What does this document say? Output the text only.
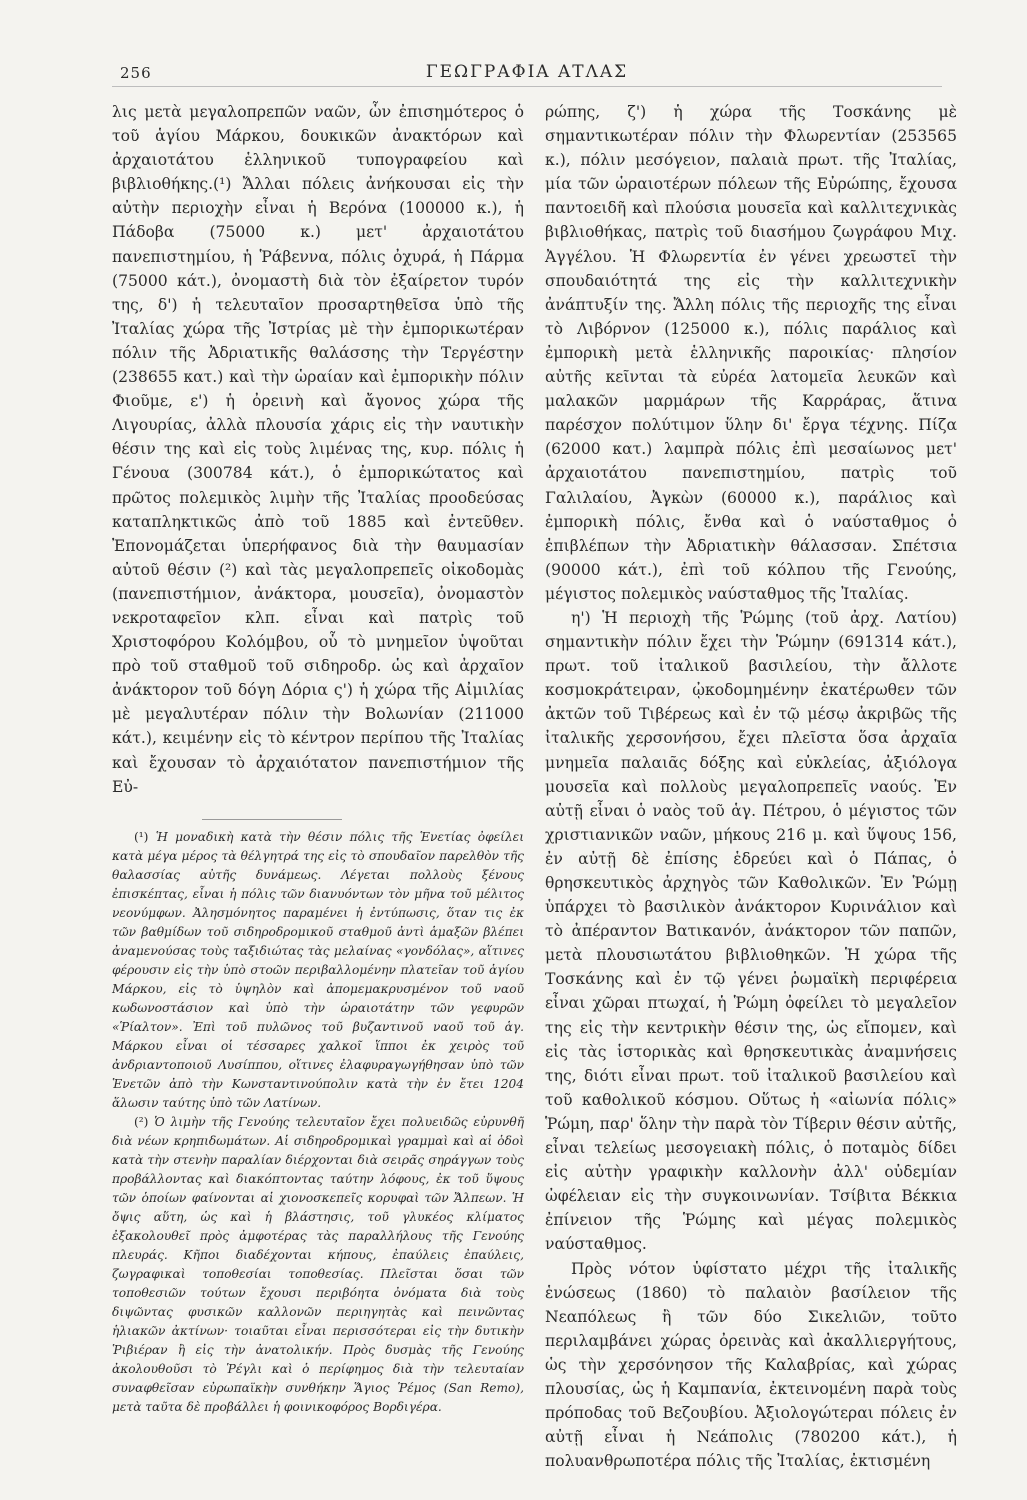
256	ΓΕΩΓΡΑΦΙΑ ΑΤΛΑΣ

λις μετὰ μεγαλοπρεπῶν ναῶν, ὧν ἐπισημότερος ὁ τοῦ ἁγίου Μάρκου, δουκικῶν ἀνακτόρων καὶ ἀρχαιοτάτου ἑλληνικοῦ τυπογραφείου καὶ βιβλιοθήκης.(¹) Ἄλλαι πόλεις ἀνήκουσαι εἰς τὴν αὐτὴν περιοχὴν εἶναι ἡ Βερόνα (100000 κ.), ἡ Πάδοβα (75000 κ.) μετ' ἀρχαιοτάτου πανεπιστημίου, ἡ Ῥάβεννα, πόλις ὀχυρά, ἡ Πάρμα (75000 κάτ.), ὀνομαστὴ διὰ τὸν ἐξαίρετον τυρόν της, δ') ἡ τελευταῖον προσαρτηθεῖσα ὑπὸ τῆς Ἰταλίας χώρα τῆς Ἰστρίας μὲ τὴν ἐμπορικωτέραν πόλιν τῆς Ἀδριατικῆς θαλάσσης τὴν Τεργέστην (238655 κατ.) καὶ τὴν ὡραίαν καὶ ἐμπορικὴν πόλιν Φιοῦμε, ε') ἡ ὀρεινὴ καὶ ἄγονος χώρα τῆς Λιγουρίας, ἀλλὰ πλουσία χάρις εἰς τὴν ναυτικὴν θέσιν της καὶ εἰς τοὺς λιμένας της, κυρ. πόλις ἡ Γένουα (300784 κάτ.), ὁ ἐμπορικώτατος καὶ πρῶτος πολεμικὸς λιμὴν τῆς Ἰταλίας προοδεύσας καταπληκτικῶς ἀπὸ τοῦ 1885 καὶ ἐντεῦθεν. Ἐπονομάζεται ὑπερήφανος διὰ τὴν θαυμασίαν αὐτοῦ θέσιν (²) καὶ τὰς μεγαλοπρεπεῖς οἰκοδομὰς (πανεπιστήμιον, ἀνάκτορα, μουσεῖα), ὀνομαστὸν νεκροταφεῖον κλπ. εἶναι καὶ πατρὶς τοῦ Χριστοφόρου Κολόμβου, οὗ τὸ μνημεῖον ὑψοῦται πρὸ τοῦ σταθμοῦ τοῦ σιδηροδρ. ὡς καὶ ἀρχαῖον ἀνάκτορον τοῦ δόγη Δόρια ς') ἡ χώρα τῆς Αἰμιλίας μὲ μεγαλυτέραν πόλιν τὴν Βολωνίαν (211000 κάτ.), κειμένην εἰς τὸ κέντρον περίπου τῆς Ἰταλίας καὶ ἔχουσαν τὸ ἀρχαιότατον πανεπιστήμιον τῆς Εὐ-

(¹) Ἡ μοναδικὴ κατὰ τὴν θέσιν πόλις τῆς Ἑνετίας ὀφείλει κατὰ μέγα μέρος τὰ θέλγητρά της εἰς τὸ σπουδαῖον παρελθὸν τῆς θαλασσίας αὐτῆς δυνάμεως. Λέγεται πολλοὺς ξένους ἐπισκέπτας, εἶναι ἡ πόλις τῶν διανυόντων τὸν μῆνα τοῦ μέλιτος νεονύμφων. Ἀλησμόνητος παραμένει ἡ ἐντύπωσις, ὅταν τις ἐκ τῶν βαθμίδων τοῦ σιδηροδρομικοῦ σταθμοῦ ἀντὶ ἁμαξῶν βλέπει ἀναμενούσας τοὺς ταξιδιώτας τὰς μελαίνας «γονδόλας», αἵτινες φέρουσιν εἰς τὴν ὑπὸ στοῶν περιβαλλομένην πλατεῖαν τοῦ ἁγίου Μάρκου, εἰς τὸ ὑψηλὸν καὶ ἀπομεμακρυσμένον τοῦ ναοῦ κωδωνοστάσιον καὶ ὑπὸ τὴν ὡραιοτάτην τῶν γεφυρῶν «Ῥίαλτον». Ἐπὶ τοῦ πυλῶνος τοῦ βυζαντινοῦ ναοῦ τοῦ ἁγ. Μάρκου εἶναι οἱ τέσσαρες χαλκοῖ ἵπποι ἐκ χειρὸς τοῦ ἀνδριαντοποιοῦ Λυσίππου, οἵτινες ἐλαφυραγωγήθησαν ὑπὸ τῶν Ἑνετῶν ἀπὸ τὴν Κωνσταντινούπολιν κατὰ τὴν ἐν ἔτει 1204 ἅλωσιν ταύτης ὑπὸ τῶν Λατίνων.

(²) Ὁ λιμὴν τῆς Γενούης τελευταῖον ἔχει πολυειδῶς εὐρυνθῆ διὰ νέων κρηπιδωμάτων. Αἱ σιδηροδρομικαὶ γραμμαὶ καὶ αἱ ὁδοὶ κατὰ τὴν στενὴν παραλίαν διέρχονται διὰ σειρᾶς σηράγγων τοὺς προβάλλοντας καὶ διακόπτοντας ταύτην λόφους, ἐκ τοῦ ὕψους τῶν ὁποίων φαίνονται αἱ χιονοσκεπεῖς κορυφαὶ τῶν Ἄλπεων. Ἡ ὄψις αὕτη, ὡς καὶ ἡ βλάστησις, τοῦ γλυκέος κλίματος ἐξακολουθεῖ πρὸς ἀμφοτέρας τὰς παραλλήλους τῆς Γενούης πλευράς. Κῆποι διαδέχονται κήπους, ἐπαύλεις ἐπαύλεις, ζωγραφικαὶ τοποθεσίαι τοποθεσίας. Πλεῖσται ὅσαι τῶν τοποθεσιῶν τούτων ἔχουσι περιβόητα ὀνόματα διὰ τοὺς διψῶντας φυσικῶν καλλονῶν περιηγητὰς καὶ πεινῶντας ἡλιακῶν ἀκτίνων· τοιαῦται εἶναι περισσότεραι εἰς τὴν δυτικὴν Ῥιβιέραν ἢ εἰς τὴν ἀνατολικήν. Πρὸς δυσμὰς τῆς Γενούης ἀκολουθοῦσι τὸ Ῥέγλι καὶ ὁ περίφημος διὰ τὴν τελευταίαν συναφθεῖσαν εὐρωπαϊκὴν συνθήκην Ἅγιος Ῥέμος (San Remo), μετὰ ταῦτα δὲ προβάλλει ἡ φοινικοφόρος Βορδιγέρα.

ρώπης, ζ') ἡ χώρα τῆς Τοσκάνης μὲ σημαντικωτέραν πόλιν τὴν Φλωρεντίαν (253565 κ.), πόλιν μεσόγειον, παλαιὰ πρωτ. τῆς Ἰταλίας, μία τῶν ὡραιοτέρων πόλεων τῆς Εὐρώπης, ἔχουσα παντοειδῆ καὶ πλούσια μουσεῖα καὶ καλλιτεχνικὰς βιβλιοθήκας, πατρὶς τοῦ διασήμου ζωγράφου Μιχ. Ἀγγέλου. Ἡ Φλωρεντία ἐν γένει χρεωστεῖ τὴν σπουδαιότητά της εἰς τὴν καλλιτεχνικὴν ἀνάπτυξίν της. Ἄλλη πόλις τῆς περιοχῆς της εἶναι τὸ Λιβόρνον (125000 κ.), πόλις παράλιος καὶ ἐμπορικὴ μετὰ ἑλληνικῆς παροικίας· πλησίον αὐτῆς κεῖνται τὰ εὐρέα λατομεῖα λευκῶν καὶ μαλακῶν μαρμάρων τῆς Καρράρας, ἅτινα παρέσχον πολύτιμον ὕλην δι' ἔργα τέχνης. Πίζα (62000 κατ.) λαμπρὰ πόλις ἐπὶ μεσαίωνος μετ' ἀρχαιοτάτου πανεπιστημίου, πατρὶς τοῦ Γαλιλαίου, Ἀγκὼν (60000 κ.), παράλιος καὶ ἐμπορικὴ πόλις, ἔνθα καὶ ὁ ναύσταθμος ὁ ἐπιβλέπων τὴν Ἀδριατικὴν θάλασσαν. Σπέτσια (90000 κάτ.), ἐπὶ τοῦ κόλπου τῆς Γενούης, μέγιστος πολεμικὸς ναύσταθμος τῆς Ἰταλίας.

η') Ἡ περιοχὴ τῆς Ῥώμης (τοῦ ἀρχ. Λατίου) σημαντικὴν πόλιν ἔχει τὴν Ῥώμην (691314 κάτ.), πρωτ. τοῦ ἰταλικοῦ βασιλείου, τὴν ἄλλοτε κοσμοκράτειραν, ᾠκοδομημένην ἑκατέρωθεν τῶν ἀκτῶν τοῦ Τιβέρεως καὶ ἐν τῷ μέσῳ ἀκριβῶς τῆς ἰταλικῆς χερσονήσου, ἔχει πλεῖστα ὅσα ἀρχαῖα μνημεῖα παλαιᾶς δόξης καὶ εὐκλείας, ἀξιόλογα μουσεῖα καὶ πολλοὺς μεγαλοπρεπεῖς ναούς. Ἐν αὐτῇ εἶναι ὁ ναὸς τοῦ ἁγ. Πέτρου, ὁ μέγιστος τῶν χριστιανικῶν ναῶν, μήκους 216 μ. καὶ ὕψους 156, ἐν αὐτῇ δὲ ἐπίσης ἑδρεύει καὶ ὁ Πάπας, ὁ θρησκευτικὸς ἀρχηγὸς τῶν Καθολικῶν. Ἐν Ῥώμῃ ὑπάρχει τὸ βασιλικὸν ἀνάκτορον Κυρινάλιον καὶ τὸ ἀπέραντον Βατικανόν, ἀνάκτορον τῶν παπῶν, μετὰ πλουσιωτάτου βιβλιοθηκῶν. Ἡ χώρα τῆς Τοσκάνης καὶ ἐν τῷ γένει ῥωμαϊκὴ περιφέρεια εἶναι χῶραι πτωχαί, ἡ Ῥώμη ὀφείλει τὸ μεγαλεῖον της εἰς τὴν κεντρικὴν θέσιν της, ὡς εἴπομεν, καὶ εἰς τὰς ἱστορικὰς καὶ θρησκευτικὰς ἀναμνήσεις της, διότι εἶναι πρωτ. τοῦ ἰταλικοῦ βασιλείου καὶ τοῦ καθολικοῦ κόσμου. Οὕτως ἡ «αἰωνία πόλις» Ῥώμη, παρ' ὅλην τὴν παρὰ τὸν Τίβεριν θέσιν αὐτῆς, εἶναι τελείως μεσογειακὴ πόλις, ὁ ποταμὸς δίδει εἰς αὐτὴν γραφικὴν καλλονὴν ἀλλ' οὐδεμίαν ὠφέλειαν εἰς τὴν συγκοινωνίαν. Τσίβιτα Βέκκια ἐπίνειον τῆς Ῥώμης καὶ μέγας πολεμικὸς ναύσταθμος.

Πρὸς νότον ὑφίστατο μέχρι τῆς ἰταλικῆς ἑνώσεως (1860) τὸ παλαιὸν βασίλειον τῆς Νεαπόλεως ἢ τῶν δύο Σικελιῶν, τοῦτο περιλαμβάνει χώρας ὀρεινὰς καὶ ἀκαλλιεργήτους, ὡς τὴν χερσόνησον τῆς Καλαβρίας, καὶ χώρας πλουσίας, ὡς ἡ Καμπανία, ἐκτεινομένη παρὰ τοὺς πρόποδας τοῦ Βεζουβίου. Ἀξιολογώτεραι πόλεις ἐν αὐτῇ εἶναι ἡ Νεάπολις (780200 κάτ.), ἡ πολυανθρωποτέρα πόλις τῆς Ἰταλίας, ἐκτισμένη
